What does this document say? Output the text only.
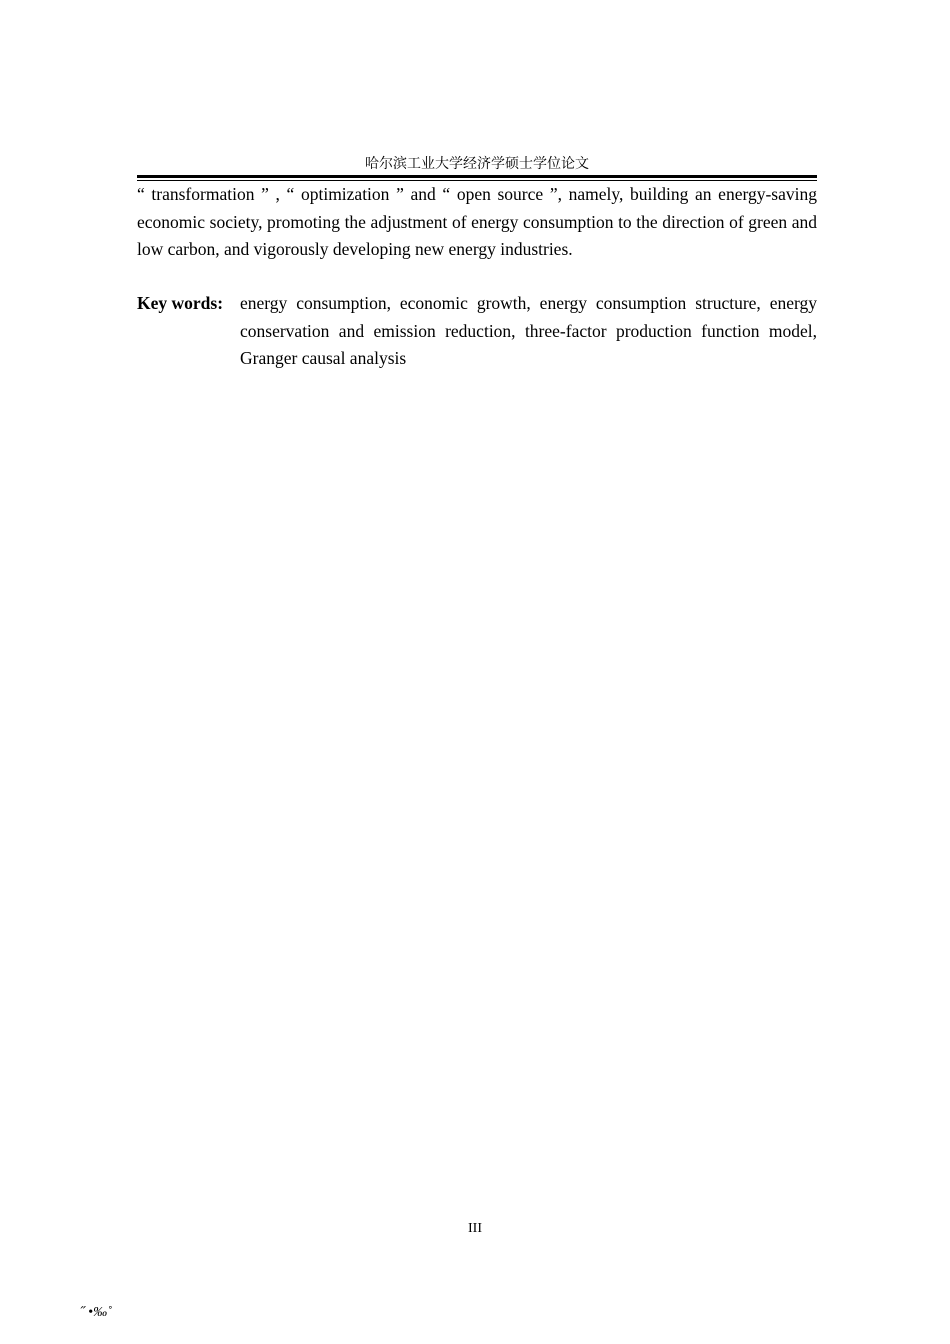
哈尔滨工业大学经济学硕士学位论文

“ transformation ” , “ optimization ” and “ open source ”, namely, building an energy-saving economic society, promoting the adjustment of energy consumption to the direction of green and low carbon, and vigorously developing new energy industries.

Key words: energy consumption, economic growth, energy consumption structure, energy conservation and emission reduction, three-factor production function model, Granger causal analysis

III
˝ •‰˚
